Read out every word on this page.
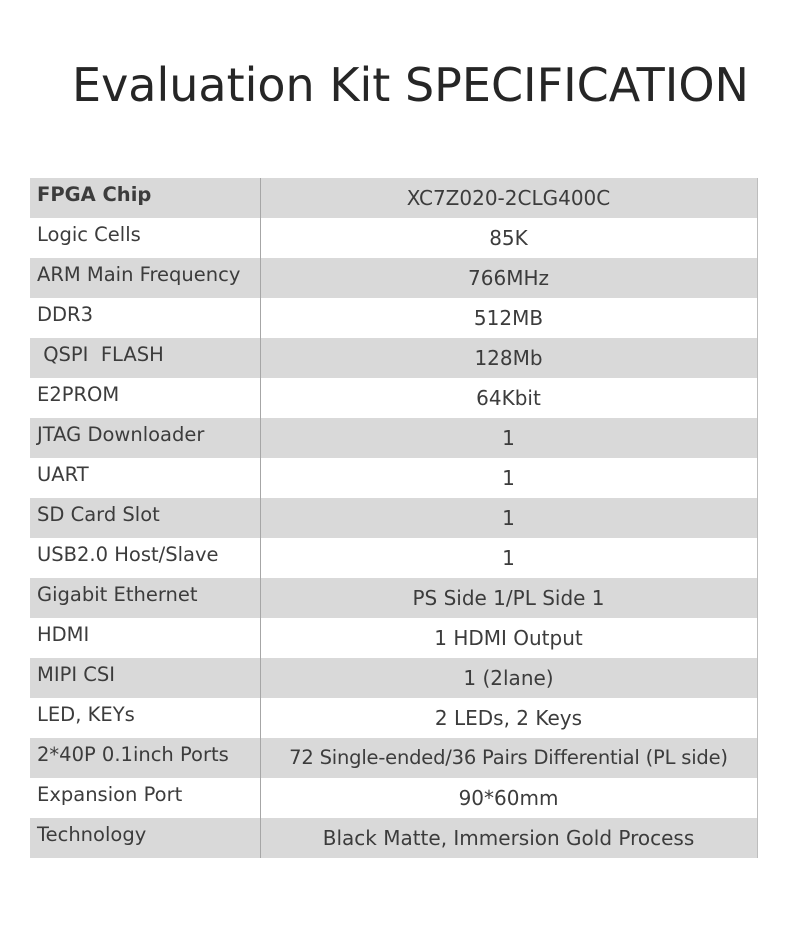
Evaluation Kit SPECIFICATION
FPGA Chip	XC7Z020-2CLG400C
Logic Cells	85K
ARM Main Frequency	766MHz
DDR3	512MB
QSPI  FLASH	128Mb
E2PROM	64Kbit
JTAG Downloader	1
UART	1
SD Card Slot	1
USB2.0 Host/Slave	1
Gigabit Ethernet	PS Side 1/PL Side 1
HDMI	1 HDMI Output
MIPI CSI	1 (2lane)
LED, KEYs	2 LEDs, 2 Keys
2*40P 0.1inch Ports	72 Single-ended/36 Pairs Differential (PL side)
Expansion Port	90*60mm
Technology	Black Matte, Immersion Gold Process
